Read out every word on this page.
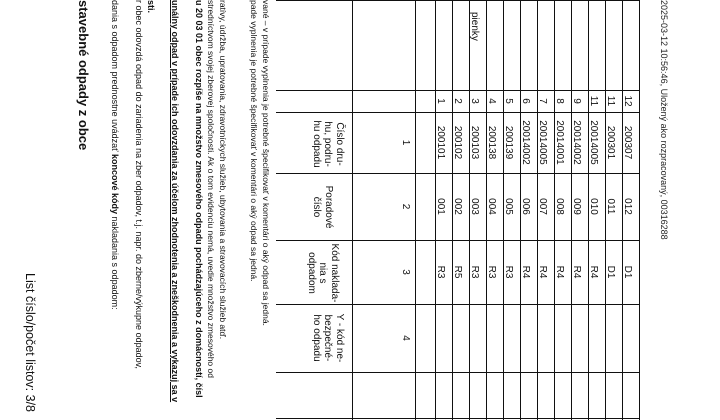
List číslo/počet listov: 3/8
stavebné odpady z obce dania s odpadom prednostne uvádzať koncové kódy nakladania s odpadom: r obec odovzdá odpad do zariadenia na zber odpadov, t.j. napr. do zberne/výkupne odpadov, sti. unálny odpad v prípade ich odovzdania za účelom zhodnotenia a zneškodnenia a vykazuj sa v u 20 03 01 obec rozpíše na množstvo zmesového odpadu pochádzajúceho z domácností, čísl stredníctvom svojej zberovej spoločnosti. Ak o tom evidenciu nemá, uvedie množstvo zmesového od ratívy, údržba, upratovania, zdravotníckych služieb, ubytovania a stravovacích služieb atď. pade vyplnenia je potrebné špecifikovať v komentári o aký odpad sa jedná. vané – v prípade vyplnenia je potrebné špecifikovať v komentári o aký odpad sa jedná.	Číslo dru-
hu, podru-
hu odpadu
Poradové číslo
Kód naklada-
nia s odpadom
Y - kód ne-
bezpečné-
ho odpadu
1
2
3
4
pienky
1
200101
001
R3
2
200102
002
R5
3
200103
003
R3
4
200138
004
R3
5
200139
005
R3
6
20014002
006
R4
7
20014005
007
R4
8
20014001
008
R4
9
20014002
009
R4
11
20014005
010
R4
11
200301
011
D1
12
200307
012
D1
2025-03-12 10:56:46, Uložený ako rozpracovaný, 00316288
